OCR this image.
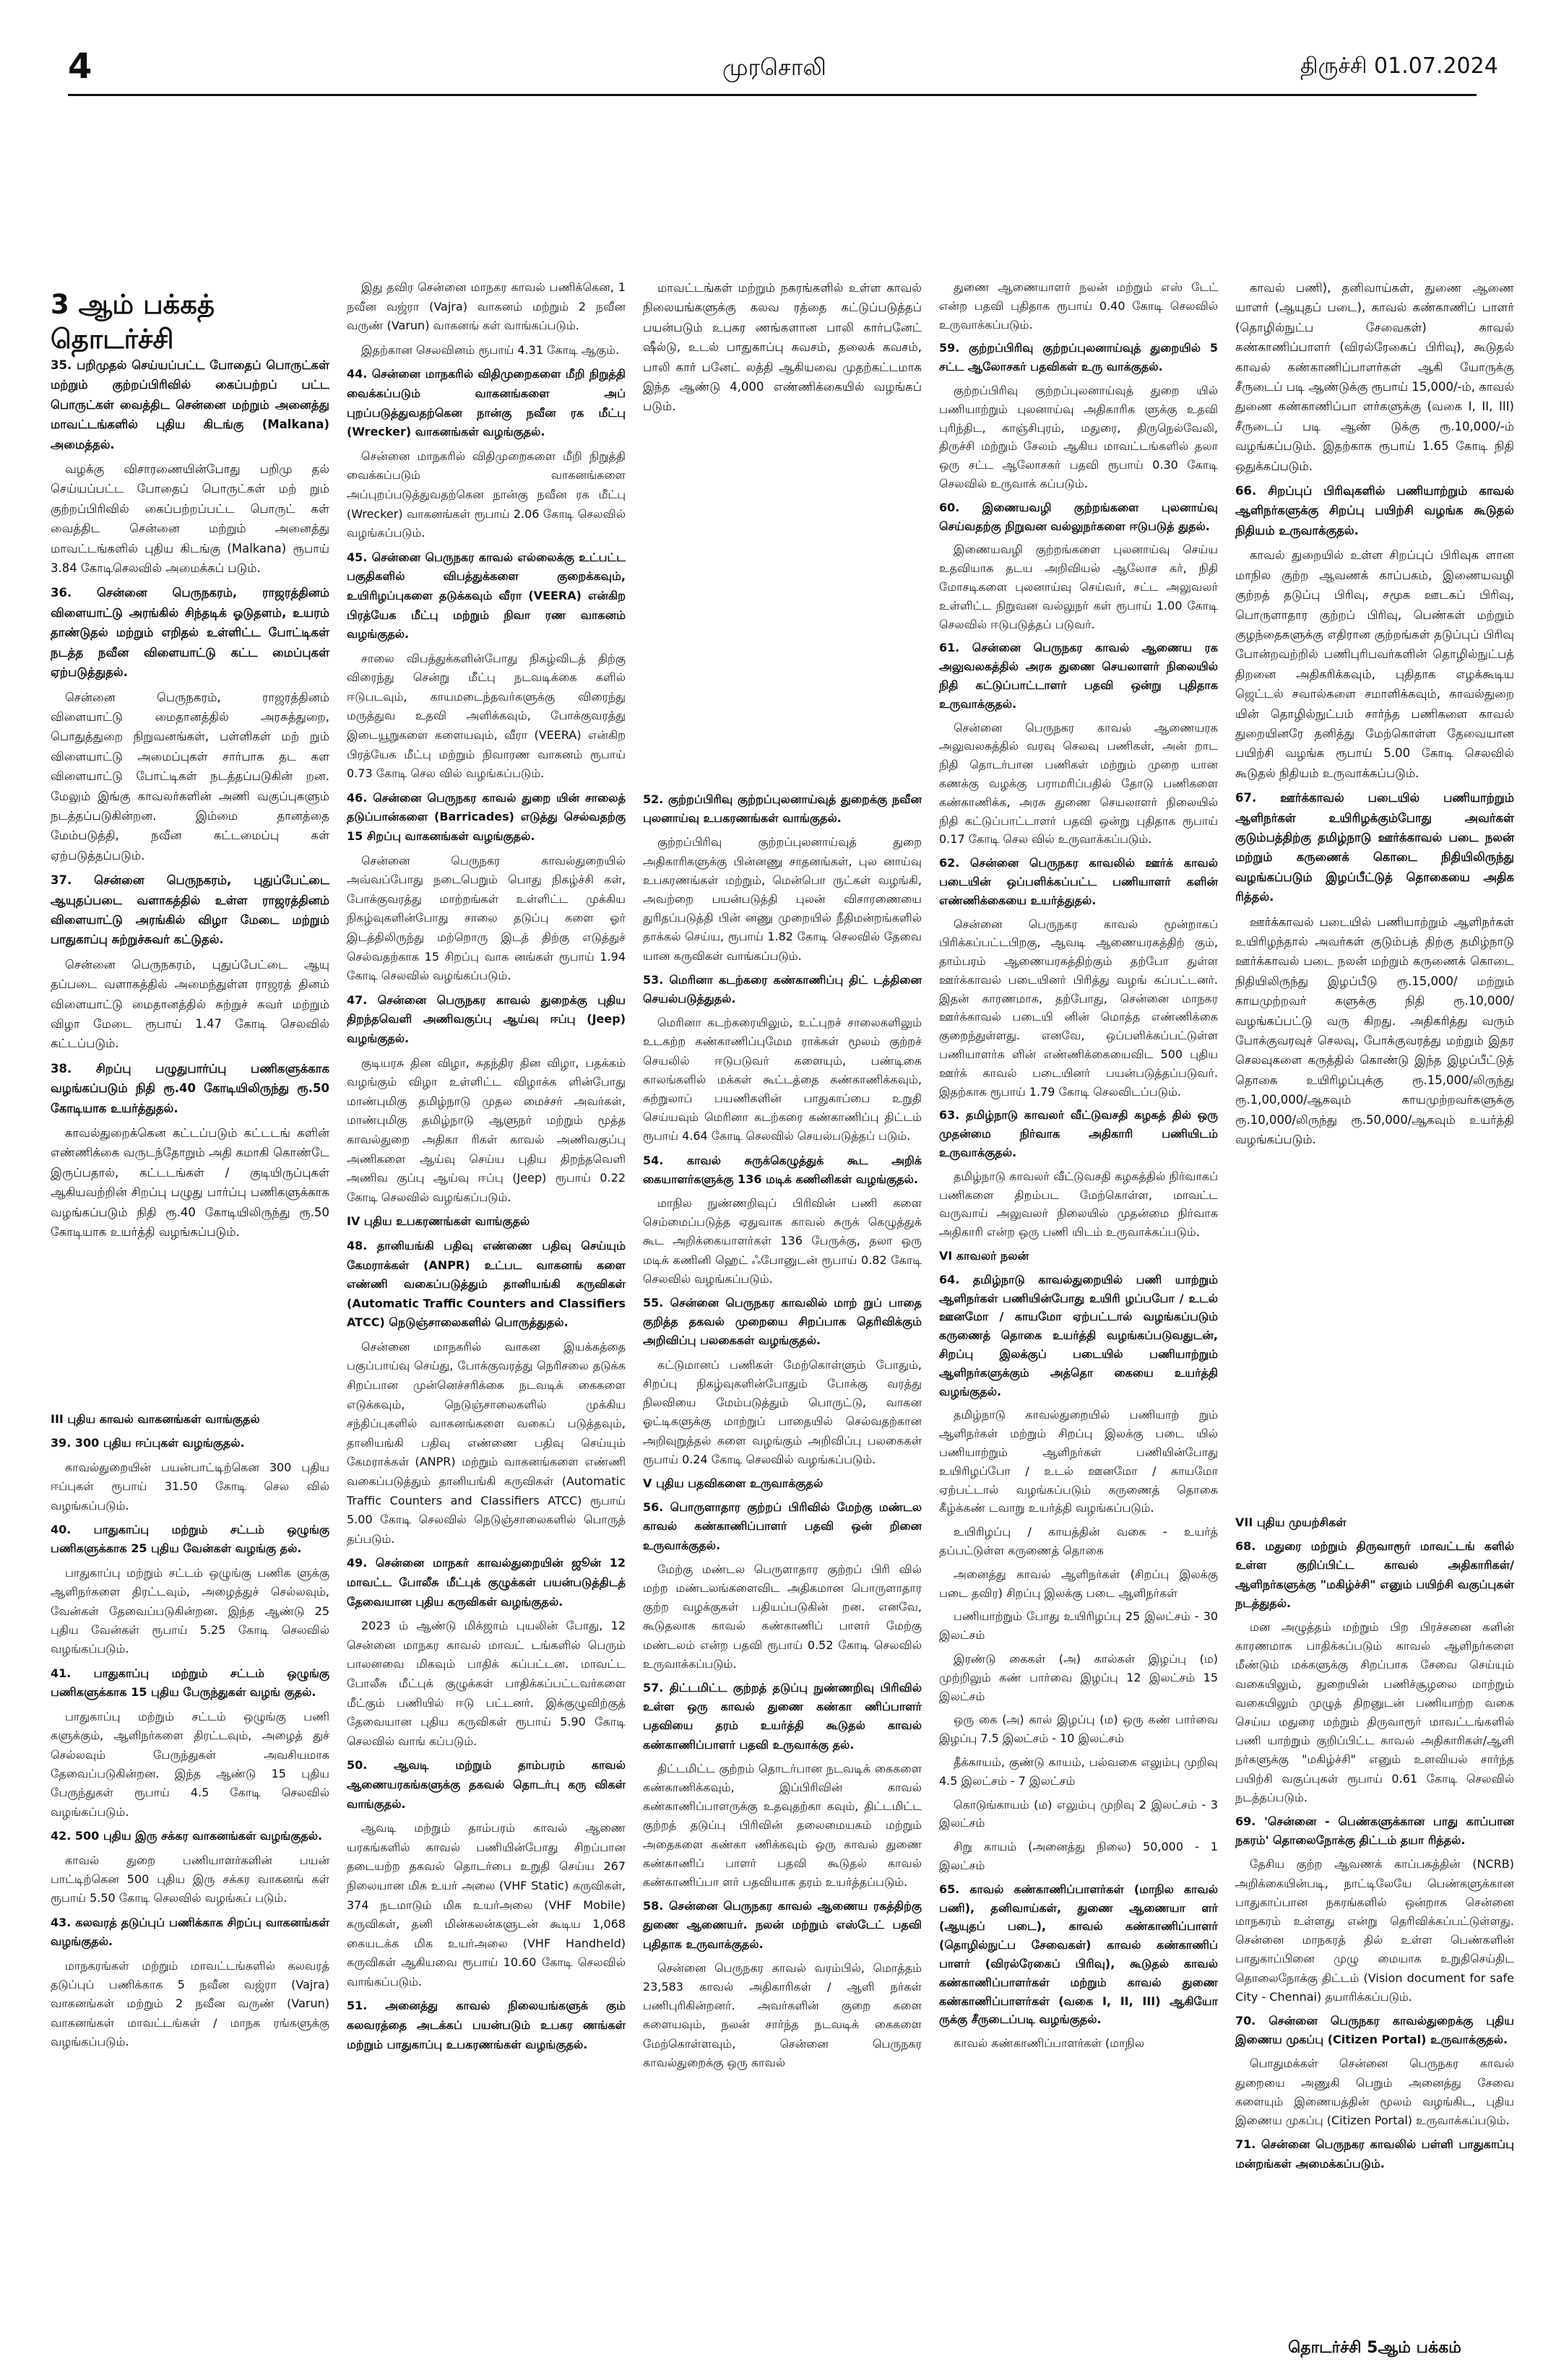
4	முரசொலி	திருச்சி 01.07.2024
3 ஆம் பக்கத் தொடர்ச்சி

35. பறிமுதல் செய்யப்பட்ட போதைப் பொருட்கள் மற்றும் குற்றப்பிரிவில் கைப்பற்றப் பட்ட பொருட்கள் வைத்திட சென்னை மற்றும் அனைத்து மாவட்டங்களில் புதிய கிடங்கு (Malkana) அமைத்தல்.

வழக்கு விசாரணையின்போது பறிமு தல் செய்யப்பட்ட போதைப் பொருட்கள் மற் றும் குற்றப்பிரிவில் கைப்பற்றப்பட்ட பொருட் கள் வைத்திட சென்னை மற்றும் அனைத்து மாவட்டங்களில் புதிய கிடங்கு (Malkana) ரூபாய் 3.84 கோடிசெலவில் அமைக்கப் படும்.

36. சென்னை பெருநகரம், ராஜரத்தினம் விளையாட்டு அரங்கில் சிந்தடிக் ஓடுதளம், உயரம் தாண்டுதல் மற்றும் எறிதல் உள்ளிட்ட போட்டிகள் நடத்த நவீன விளையாட்டு கட்ட மைப்புகள் ஏற்படுத்துதல்.

சென்னை பெருநகரம், ராஜரத்தினம் விளையாட்டு மைதானத்தில் அரசுத்துறை, பொதுத்துறை நிறுவனங்கள், பள்ளிகள் மற் றும் விளையாட்டு அமைப்புகள் சார்பாக தட கள விளையாட்டு போட்டிகள் நடத்தப்படுகின் றன. மேலும் இங்கு காவலர்களின் அணி வகுப்புகளும் நடத்தப்படுகின்றன. இம்மை தானத்தை மேம்படுத்தி, நவீன கட்டமைப்பு கள் ஏற்படுத்தப்படும்.

37. சென்னை பெருநகரம், புதுப்பேட்டை ஆயுதப்படை வளாகத்தில் உள்ள ராஜரத்தினம் விளையாட்டு அரங்கில் விழா மேடை மற்றும் பாதுகாப்பு சுற்றுச்சுவர் கட்டுதல்.

சென்னை பெருநகரம், புதுப்பேட்டை ஆயு தப்படை வளாகத்தில் அமைந்துள்ள ராஜரத் தினம் விளையாட்டு மைதானத்தில் சுற்றுச் சுவர் மற்றும் விழா மேடை ரூபாய் 1.47 கோடி செலவில் கட்டப்படும்.

38. சிறப்பு பழுதுபார்ப்பு பணிகளுக்காக வழங்கப்படும் நிதி ரூ.40 கோடியிலிருந்து ரூ.50 கோடியாக உயர்த்துதல்.

காவல்துறைக்கென கட்டப்படும் கட்டடங் களின் எண்ணிக்கை வருடந்தோறும் அதி கமாகி கொண்டே இருப்பதால், கட்டடங்கள் / குடியிருப்புகள் ஆகியவற்றின் சிறப்பு பழுது பார்ப்பு பணிகளுக்காக வழங்கப்படும் நிதி ரூ.40 கோடியிலிருந்து ரூ.50 கோடியாக உயர்த்தி வழங்கப்படும்.

III புதிய காவல் வாகனங்கள் வாங்குதல்

39. 300 புதிய ஈப்புகள் வழங்குதல்.

காவல்துறையின் பயன்பாட்டிற்கென 300 புதிய ஈப்புகள் ரூபாய் 31.50 கோடி செல வில் வழங்கப்படும்.

40. பாதுகாப்பு மற்றும் சட்டம் ஒழுங்கு பணிகளுக்காக 25 புதிய வேன்கள் வழங்கு தல்.

பாதுகாப்பு மற்றும் சட்டம் ஒழுங்கு பணிக ளுக்கு ஆளிநர்களை திரட்டவும், அழைத்துச் செல்லவும், வேன்கள் தேவைப்படுகின்றன. இந்த ஆண்டு 25 புதிய வேன்கள் ரூபாய் 5.25 கோடி செலவில் வழங்கப்படும்.

41. பாதுகாப்பு மற்றும் சட்டம் ஒழுங்கு பணிகளுக்காக 15 புதிய பேருந்துகள் வழங் குதல்.

பாதுகாப்பு மற்றும் சட்டம் ஒழுங்கு பணி களுக்கும், ஆளிநர்களை திரட்டவும், அழைத் துச் செல்லவும் பேருந்துகள் அவசியமாக தேவைப்படுகின்றன. இந்த ஆண்டு 15 புதிய பேருந்துகள் ரூபாய் 4.5 கோடி செலவில் வழங்கப்படும்.

42. 500 புதிய இரு சக்கர வாகனங்கள் வழங்குதல்.

காவல் துறை பணியாளர்களின் பயன் பாட்டிற்கென 500 புதிய இரு சக்கர வாகனங் கள் ரூபாய் 5.50 கோடி செலவில் வழங்கப் படும்.

43. கலவரத் தடுப்புப் பணிக்காக சிறப்பு வாகனங்கள் வழங்குதல்.

மாநகரங்கள் மற்றும் மாவட்டங்களில் கலவரத் தடுப்புப் பணிக்காக 5 நவீன வஜ்ரா (Vajra) வாகனங்கள் மற்றும் 2 நவீன வருண் (Varun) வாகனங்கள் மாவட்டங்கள் / மாநக ரங்களுக்கு வழங்கப்படும்.

இது தவிர சென்னை மாநகர காவல் பணிக்கென, 1 நவீன வஜ்ரா (Vajra) வாகனம் மற்றும் 2 நவீன வருண் (Varun) வாகனங் கள் வாங்கப்படும்.

இதற்கான செலவினம் ரூபாய் 4.31 கோடி ஆகும்.

44. சென்னை மாநகரில் விதிமுறைகளை மீறி நிறுத்தி வைக்கப்படும் வாகனங்களை அப் புறப்படுத்துவதற்கென நான்கு நவீன ரக மீட்பு (Wrecker) வாகனங்கள் வழங்குதல்.

சென்னை மாநகரில் விதிமுறைகளை மீறி நிறுத்தி வைக்கப்படும் வாகனங்களை அப்புறப்படுத்துவதற்கென நான்கு நவீன ரக மீட்பு (Wrecker) வாகனங்கள் ரூபாய் 2.06 கோடி செலவில் வழங்கப்படும்.

45. சென்னை பெருநகர காவல் எல்லைக்கு உட்பட்ட பகுதிகளில் விபத்துக்களை குறைக்கவும், உயிரிழப்புகளை தடுக்கவும் வீரா (VEERA) என்கிற பிரத்யேக மீட்பு மற்றும் நிவா ரண வாகனம் வழங்குதல்.

சாலை விபத்துக்களின்போது நிகழ்விடத் திற்கு விரைந்து சென்று மீட்பு நடவடிக்கை களில் ஈடுபடவும், காயமடைந்தவர்களுக்கு விரைந்து மருத்துவ உதவி அளிக்கவும், போக்குவரத்து இடையூறுகளை களையவும், வீரா (VEERA) என்கிற பிரத்யேக மீட்பு மற்றும் நிவாரண வாகனம் ரூபாய் 0.73 கோடி செல வில் வழங்கப்படும்.

46. சென்னை பெருநகர காவல் துறை யின் சாலைத் தடுப்பான்களை (Barricades) எடுத்து செல்வதற்கு 15 சிறப்பு வாகனங்கள் வழங்குதல்.

சென்னை பெருநகர காவல்துறையில் அவ்வப்போது நடைபெறும் பொது நிகழ்ச்சி கள், போக்குவரத்து மாற்றங்கள் உள்ளிட்ட முக்கிய நிகழ்வுகளின்போது சாலை தடுப்பு களை ஓர் இடத்திலிருந்து மற்றொரு இடத் திற்கு எடுத்துச் செல்வதற்காக 15 சிறப்பு வாக னங்கள் ரூபாய் 1.94 கோடி செலவில் வழங்கப்படும்.

47. சென்னை பெருநகர காவல் துறைக்கு புதிய திறந்தவெளி அணிவகுப்பு ஆய்வு ஈப்பு (Jeep) வழங்குதல்.

குடியரசு தின விழா, சுதந்திர தின விழா, பதக்கம் வழங்கும் விழா உள்ளிட்ட விழாக்க ளின்போது மாண்புமிகு தமிழ்நாடு முதல மைச்சர் அவர்கள், மாண்புமிகு தமிழ்நாடு ஆளுநர் மற்றும் மூத்த காவல்துறை அதிகா ரிகள் காவல் அணிவகுப்பு அணிகளை ஆய்வு செய்ய புதிய திறந்தவெளி அணிவ குப்பு ஆய்வு ஈப்பு (Jeep) ரூபாய் 0.22 கோடி செலவில் வழங்கப்படும்.

IV புதிய உபகரணங்கள் வாங்குதல்

48. தானியங்கி பதிவு எண்ணை பதிவு செய்யும் கேமராக்கள் (ANPR) உட்பட வாகனங் களை எண்ணி வகைப்படுத்தும் தானியங்கி கருவிகள் (Automatic Traffic Counters and Classifiers ATCC) நெடுஞ்சாலைகளில் பொருத்துதல்.

சென்னை மாநகரில் வாகன இயக்கத்தை பகுப்பாய்வு செய்து, போக்குவரத்து நெரிசலை தடுக்க சிறப்பான முன்னெச்சரிக்கை நடவடிக் கைகளை எடுக்கவும், நெடுஞ்சாலைகளில் முக்கிய சந்திப்புகளில் வாகனங்களை வகைப் படுத்தவும், தானியங்கி பதிவு எண்ணை பதிவு செய்யும் கேமராக்கள் (ANPR) மற்றும் வாகனங்களை எண்ணி வகைப்படுத்தும் தானியங்கி கருவிகள் (Automatic Traffic Counters and Classifiers ATCC) ரூபாய் 5.00 கோடி செலவில் நெடுஞ்சாலைகளில் பொருத் தப்படும்.

49. சென்னை மாநகர் காவல்துறையின் ஜூன் 12 மாவட்ட போலீசு மீட்புக் குழுக்கள் பயன்படுத்திடத் தேவையான புதிய கருவிகள் வழங்குதல்.

2023 ம் ஆண்டு மிக்ஜாம் புயலின் போது, 12 சென்னை மாநகர காவல் மாவட் டங்களில் பெரும் பாலனவை மிகவும் பாதிக் கப்பட்டன. மாவட்ட போலீசு மீட்புக் குழுக்கள் பாதிக்கப்பட்டவர்களை மீட்கும் பணியில் ஈடு பட்டனர். இக்குழுவிற்குத் தேவையான புதிய கருவிகள் ரூபாய் 5.90 கோடி செலவில் வாங் கப்படும்.

50. ஆவடி மற்றும் தாம்பரம் காவல் ஆணையரகங்களுக்கு தகவல் தொடர்பு கரு விகள் வாங்குதல்.

ஆவடி மற்றும் தாம்பரம் காவல் ஆணை யரகங்களில் காவல் பணியின்போது சிறப்பான தடையற்ற தகவல் தொடர்பை உறுதி செய்ய 267 நிலையான மிக உயர் அலை (VHF Static) கருவிகள், 374 நடமாடும் மிக உயர்அலை (VHF Mobile) கருவிகள், தனி மின்கலன்களுடன் கூடிய 1,068 கையடக்க மிக உயர்அலை (VHF Handheld) கருவிகள் ஆகியவை ரூபாய் 10.60 கோடி செலவில் வாங்கப்படும்.

51. அனைத்து காவல் நிலையங்களுக் கும் கலவரத்தை அடக்கப் பயன்படும் உபகர ணங்கள் மற்றும் பாதுகாப்பு உபகரணங்கள் வழங்குதல்.

மாவட்டங்கள் மற்றும் நகரங்களில் உள்ள காவல் நிலையங்களுக்கு கலவ ரத்தை கட்டுப்படுத்தப் பயன்படும் உபகர ணங்களான பாலி கார்பனேட் ஷீல்டு, உடல் பாதுகாப்பு கவசம், தலைக் கவசம், பாலி கார் பனேட் லத்தி ஆகியவை முதற்கட்டமாக இந்த ஆண்டு 4,000 எண்ணிக்கையில் வழங்கப் படும்.

52. குற்றப்பிரிவு குற்றப்புலனாய்வுத் துறைக்கு நவீன புலனாய்வு உபகரணங்கள் வாங்குதல்.

குற்றப்பிரிவு குற்றப்புலனாய்வுத் துறை அதிகாரிகளுக்கு பின்னணு சாதனங்கள், புல னாய்வு உபகரணங்கள் மற்றும், மென்பொ ருட்கள் வழங்கி, அவற்றை பயன்படுத்தி புலன் விசாரணையை துரிதப்படுத்தி பின் னணு முறையில் நீதிமன்றங்களில் தாக்கல் செய்ய, ரூபாய் 1.82 கோடி செலவில் தேவை யான கருவிகள் வாங்கப்படும்.

53. மெரினா கடற்கரை கண்காணிப்பு திட் டத்தினை செயல்படுத்துதல்.

மெரினா கடற்கரையிலும், உட்புறச் சாலைகளிலும் உடகற்ற கண்காணிப்புமேம ராக்கள் மூலம் குற்றச் செயலில் ஈடுபடுவர் களையும், பண்டிகை காலங்களில் மக்கள் கூட்டத்தை கண்காணிக்கவும், சுற்றுலாப் பயணிகளின் பாதுகாப்பை உறுதி செய்யவும் மெரினா கடற்கரை கண்காணிப்பு திட்டம் ரூபாய் 4.64 கோடி செலவில் செயல்படுத்தப் படும்.

54. காவல் சுருக்கெழுத்துக் கூட அறிக் கையாளர்களுக்கு 136 மடிக் கணினிகள் வழங்குதல்.

மாநில நுண்ணறிவுப் பிரிவின் பணி களை செம்மைப்படுத்த ஏதுவாக காவல் சுருக் கெழுத்துக் கூட அறிக்கையாளர்கள் 136 பேருக்கு, தலா ஒரு மடிக் கணினி ஹெட் ஃபோனுடன் ரூபாய் 0.82 கோடி செலவில் வழங்கப்படும்.

55. சென்னை பெருநகர காவலில் மாற் றுப் பாதை குறித்த தகவல் முறையை சிறப்பாக தெரிவிக்கும் அறிவிப்பு பலகைகள் வழங்குதல்.

கட்டுமானப் பணிகள் மேற்கொள்ளும் போதும், சிறப்பு நிகழ்வுகளின்போதும் போக்கு வரத்து நிலவியை மேம்படுத்தும் பொருட்டு, வாகன ஓட்டிகளுக்கு மாற்றுப் பாதையில் செல்வதற்கான அறிவுறுத்தல் களை வழங்கும் அறிவிப்பு பலகைகள் ரூபாய் 0.24 கோடி செலவில் வழங்கப்படும்.

V புதிய பதவிகளை உருவாக்குதல்

56. பொருளாதார குற்றப் பிரிவில் மேற்கு மண்டல காவல் கண்காணிப்பாளர் பதவி ஒன் றினை உருவாக்குதல்.

மேற்கு மண்டல பெருளாதார குற்றப் பிரி வில் மற்ற மண்டலங்களைவிட அதிகமான பொருளாதார குற்ற வழக்குகள் பதியப்படுகின் றன. எனவே, கூடுதலாக காவல் கண்காணிப் பாளர் மேற்கு மண்டலம் என்ற பதவி ரூபாய் 0.52 கோடி செலவில் உருவாக்கப்படும்.

57. திட்டமிட்ட குற்றத் தடுப்பு நுண்ணறிவு பிரிவில் உள்ள ஒரு காவல் துணை கண்கா ணிப்பாளர் பதவியை தரம் உயர்த்தி கூடுதல் காவல் கண்காணிப்பாளர் பதவி உருவாக்கு தல்.

திட்டமிட்ட குற்றம் தொடர்பான நடவடிக் கைகளை கண்காணிக்கவும், இப்பிரிவின் காவல் கண்காணிப்பாளருக்கு உதவுதற்கா கவும், திட்டமிட்ட குற்றத் தடுப்பு பிரிவின் தலைமையகம் மற்றும் அதைகளை கண்கா ணிக்கவும் ஒரு காவல் துணை கண்காணிப் பாளர் பதவி கூடுதல் காவல் கண்காணிப்பா ளர் பதவியாக தரம் உயர்த்தப்படும்.

58. சென்னை பெருநகர காவல் ஆணைய ரகத்திற்கு துணை ஆணையர். நலன் மற்றும் எஸ்டேட் பதவி புதிதாக உருவாக்குதல்.

சென்னை பெருநகர காவல் வரம்பில், மொத்தம் 23,583 காவல் அதிகாரிகள் / ஆளி நர்கள் பணிபுரிகின்றனர். அவர்களின் குறை களை களையவும், நலன் சார்ந்த நடவடிக் கைகளை மேற்கொள்ளவும், சென்னை பெருநகர காவல்துறைக்கு ஒரு காவல்

துணை ஆணையாளர் நலன் மற்றும் எஸ் டேட் என்ற பதவி புதிதாக ரூபாய் 0.40 கோடி செலவில் உருவாக்கப்படும்.

59. குற்றப்பிரிவு குற்றப்புலனாய்வுத் துறையில் 5 சட்ட ஆலோசகர் பதவிகள் உரு வாக்குதல்.

குற்றப்பிரிவு குற்றப்புலனாய்வுத் துறை யில் பணியாற்றும் புலனாய்வு அதிகாரிக ளுக்கு உதவி புரிந்திட, காஞ்சிபுரம், மதுரை, திருநெல்வேலி, திருச்சி மற்றும் சேலம் ஆகிய மாவட்டங்களில் தலா ஒரு சட்ட ஆலோசகர் பதவி ரூபாய் 0.30 கோடி செலவில் உருவாக் கப்படும்.

60. இணையவழி குற்றங்களை புலனாய்வு செய்வதற்கு நிறுவன வல்லுநர்களை ஈடுபடுத் துதல்.

இணையவழி குற்றங்களை புலனாய்வு செய்ய உதவியாக தடய அறிவியல் ஆலோச கர், நிதி மோசடிகளை புலனாய்வு செய்வர், சட்ட அலுவலர் உள்ளிட்ட நிறுவன வல்லுநர் கள் ரூபாய் 1.00 கோடி செலவில் ஈடுபடுத்தப் படுவர்.

61. சென்னை பெருநகர காவல் ஆணைய ரக அலுவலகத்தில் அரசு துணை செயலாளர் நிலையில் நிதி கட்டுப்பாட்டாளர் பதவி ஒன்று புதிதாக உருவாக்குதல்.

சென்னை பெருநகர காவல் ஆணையரக அலுவலகத்தில் வரவு செலவு பணிகள், அன் றாட நிதி தொடர்பான பணிகள் மற்றும் முறை யான கணக்கு வழக்கு பராமரிப்பதில் தோடு பணிகளை கண்காணிக்க, அரசு துணை செயலாளர் நிலையில் நிதி கட்டுப்பாட்டாளர் பதவி ஒன்று புதிதாக ரூபாய் 0.17 கோடி செல வில் உருவாக்கப்படும்.

62. சென்னை பெருநகர காவலில் ஊர்க் காவல் படையின் ஒப்பளிக்கப்பட்ட பணியாளர் களின் எண்ணிக்கையை உயர்த்துதல்.

சென்னை பெருநகர காவல் மூன்றாகப் பிரிக்கப்பட்டபிறகு, ஆவடி ஆணையரகத்திற் கும், தாம்பரம் ஆணையரகத்திற்கும் தற்போ துள்ள ஊர்க்காவல் படையினர் பிரித்து வழங் கப்பட்டனர். இதன் காரணமாக, தற்போது, சென்னை மாநகர ஊர்க்காவல் படையி னின் மொத்த எண்ணிக்கை குறைந்துள்ளது. எனவே, ஒப்பளிக்கப்பட்டுள்ள பணியாளர்க ளின் எண்ணிக்கையைவிட 500 புதிய ஊர்க் காவல் படையினர் பயன்படுத்தப்படுவர். இதற்காக ரூபாய் 1.79 கோடி செலவிடப்படும்.

63. தமிழ்நாடு காவலர் வீட்டுவசதி கழகத் தில் ஒரு முதன்மை நிர்வாக அதிகாரி பணியிடம் உருவாக்குதல்.

தமிழ்நாடு காவலர் வீட்டுவசதி கழகத்தில் நிர்வாகப் பணிகளை திறம்பட மேற்கொள்ள, மாவட்ட வருவாய் அலுவலர் நிலையில் முதன்மை நிர்வாக அதிகாரி என்ற ஒரு பணி யிடம் உருவாக்கப்படும்.

VI காவலர் நலன்

64. தமிழ்நாடு காவல்துறையில் பணி யாற்றும் ஆளிநர்கள் பணியின்போது உயிரி ழப்பபோ / உடல் ஊனமோ / காயமோ ஏற்பட்டால் வழங்கப்படும் கருணைத் தொகை உயர்த்தி வழங்கப்படுவதுடன், சிறப்பு இலக்குப் படையில் பணியாற்றும் ஆளிநர்களுக்கும் அத்தொ கையை உயர்த்தி வழங்குதல்.

தமிழ்நாடு காவல்துறையில் பணியாற் றும் ஆளிநர்கள் மற்றும் சிறப்பு இலக்கு படை யில் பணியாற்றும் ஆளிநர்கள் பணியின்போது உயிரிழப்போ / உடல் ஊனமோ / காயமோ ஏற்பட்டால் வழங்கப்படும் கருணைத் தொகை கீழ்க்கண் டவாறு உயர்த்தி வழங்கப்படும்.

உயிரிழப்பு / காயத்தின் வகை - உயர்த் தப்பட்டுள்ள கருணைத் தொகை

அனைத்து காவல் ஆளிநர்கள் (சிறப்பு இலக்கு படை தவிர) சிறப்பு இலக்கு படை ஆளிநர்கள்

பணியாற்றும் போது உயிரிழப்பு 25 இலட்சம் - 30 இலட்சம்

இரண்டு கைகள் (அ) கால்கள் இழப்பு (ம) முற்றிலும் கண் பார்வை இழப்பு 12 இலட்சம் 15 இலட்சம்

ஒரு கை (அ) கால் இழப்பு (ம) ஒரு கண் பார்வை இழப்பு 7.5 இலட்சம் - 10 இலட்சம்

தீக்காயம், குண்டு காயம், பல்வகை எலும்பு முறிவு 4.5 இலட்சம் - 7 இலட்சம்

கொடுங்காயம் (ம) எலும்பு முறிவு 2 இலட்சம் - 3 இலட்சம்

சிறு காயம் (அனைத்து நிலை) 50,000 - 1 இலட்சம்

65. காவல் கண்காணிப்பாளர்கள் (மாநில காவல் பணி), தனிவாய்கள், துணை ஆணையா ளர் (ஆயுதப் படை), காவல் கண்காணிப்பாளர் (தொழில்நுட்ப சேவைகள்) காவல் கண்காணிப் பாளர் (விரல்ரேகைப் பிரிவு), கூடுதல் காவல் கண்காணிப்பாளர்கள் மற்றும் காவல் துணை கண்காணிப்பாளர்கள் (வகை I, II, III) ஆகியோ ருக்கு சீருடைப்படி வழங்குதல்.

காவல் கண்காணிப்பாளர்கள் (மாநில

காவல் பணி), தனிவாய்கள், துணை ஆணை யாளர் (ஆயுதப் படை), காவல் கண்காணிப் பாளர் (தொழில்நுட்ப சேவைகள்) காவல் கண்காணிப்பாளர் (விரல்ரேகைப் பிரிவு), கூடுதல் காவல் கண்காணிப்பாளர்கள் ஆகி யோருக்கு சீருடைப் படி ஆண்டுக்கு ரூபாய் 15,000/-ம், காவல் துணை கண்காணிப்பா ளர்களுக்கு (வகை I, II, III) சீருடைப் படி ஆண் டுக்கு ரூ.10,000/-ம் வழங்கப்படும். இதற்காக ரூபாய் 1.65 கோடி நிதி ஒதுக்கப்படும்.

66. சிறப்புப் பிரிவுகளில் பணியாற்றும் காவல் ஆளிநர்களுக்கு சிறப்பு பயிற்சி வழங்க கூடுதல் நிதியம் உருவாக்குதல்.

காவல் துறையில் உள்ள சிறப்புப் பிரிவுக ளான மாநில குற்ற ஆவணக் காப்பகம், இணையவழி குற்றத் தடுப்பு பிரிவு, சமூக ஊடகப் பிரிவு, பொருளாதார குற்றப் பிரிவு, பெண்கள் மற்றும் குழந்தைகளுக்கு எதிரான குற்றங்கள் தடுப்புப் பிரிவு போன்றவற்றில் பணிபுரிபவர்களின் தொழில்நுட்பத் திறனை அதிகரிக்கவும், புதிதாக எழக்கூடிய ஜெட்டல் சவால்களை சமாளிக்கவும், காவல்துறை யின் தொழில்நுட்பம் சார்ந்த பணிகளை காவல் துறையினரே தனித்து மேற்கொள்ள தேவையான பயிற்சி வழங்க ரூபாய் 5.00 கோடி செலவில் கூடுதல் நிதியம் உருவாக்கப்படும்.

67. ஊர்க்காவல் படையில் பணியாற்றும் ஆளிநர்கள் உயிரிழக்கும்போது அவர்கள் குடும்பத்திற்கு தமிழ்நாடு ஊர்க்காவல் படை நலன் மற்றும் கருணைக் கொடை நிதியிலிருந்து வழங்கப்படும் இழப்பீட்டுத் தொகையை அதிக ரித்தல்.

ஊர்க்காவல் படையில் பணியாற்றும் ஆளிநர்கள் உயிரிழந்தால் அவர்கள் குடும்பத் திற்கு தமிழ்நாடு ஊர்க்காவல் படை நலன் மற்றும் கருணைக் கொடை நிதியிலிருந்து இழப்பீடு ரூ.15,000/ மற்றும் காயமுற்றவர் களுக்கு நிதி ரூ.10,000/ வழங்கப்பட்டு வரு கிறது. அதிகரித்து வரும் போக்குவரவுச் செலவு, போக்குவரத்து மற்றும் இதர செலவுகளை கருத்தில் கொண்டு இந்த இழப்பீட்டுத் தொகை உயிரிழப்புக்கு ரூ.15,000/லிருந்து ரூ.1,00,000/ஆகவும் காயமுற்றவர்களுக்கு ரூ.10,000/லிருந்து ரூ.50,000/ஆகவும் உயர்த்தி வழங்கப்படும்.

VII புதிய முயற்சிகள்

68. மதுரை மற்றும் திருவாரூர் மாவட்டங் களில் உள்ள குறிப்பிட்ட காவல் அதிகாரிகள்/ ஆளிநர்களுக்கு "மகிழ்ச்சி" எனும் பயிற்சி வகுப்புகள் நடத்துதல்.

மன அழுத்தம் மற்றும் பிற பிரச்சனை களின் காரணமாக பாதிக்கப்படும் காவல் ஆளிநர்களை மீண்டும் மக்களுக்கு சிறப்பாக சேவை செய்யும் வகையிலும், துறையின் பணிச்சூழலை மாற்றும் வகையிலும் முழுத் திறனுடன் பணியாற்ற வகை செய்ய மதுரை மற்றும் திருவாரூர் மாவட்டங்களில் பணி யாற்றும் குறிப்பிட்ட காவல் அதிகாரிகள்/ஆளி நர்களுக்கு "மகிழ்ச்சி" எனும் உளவியல் சார்ந்த பயிற்சி வகுப்புகள் ரூபாய் 0.61 கோடி செலவில் நடத்தப்படும்.

69. 'சென்னை - பெண்களுக்கான பாது காப்பான நகரம்' தொலைநோக்கு திட்டம் தயா ரித்தல்.

தேசிய குற்ற ஆவணக் காப்பகத்தின் (NCRB) அறிக்கையின்படி, நாட்டிலேயே பெண்களுக்கான பாதுகாப்பான நகரங்களில் ஒன்றாக சென்னை மாநகரம் உள்ளது என்று தெரிவிக்கப்பட்டுள்ளது. சென்னை மாநகரத் தில் உள்ள பெண்களின் பாதுகாப்பினை முழு மையாக உறுதிசெய்திட தொலைநோக்கு திட்டம் (Vision document for safe City - Chennai) தயாரிக்கப்படும்.

70. சென்னை பெருநகர காவல்துறைக்கு புதிய இணைய முகப்பு (Citizen Portal) உருவாக்குதல்.

பொதுமக்கள் சென்னை பெருநகர காவல் துறையை அணுகி பெறும் அனைத்து சேவை களையும் இணையத்தின் மூலம் வழங்கிட, புதிய இணைய முகப்பு (Citizen Portal) உருவாக்கப்படும்.

71. சென்னை பெருநகர காவலில் பள்ளி பாதுகாப்பு மன்றங்கள் அமைக்கப்படும்.

தொடர்ச்சி 5ஆம் பக்கம்
